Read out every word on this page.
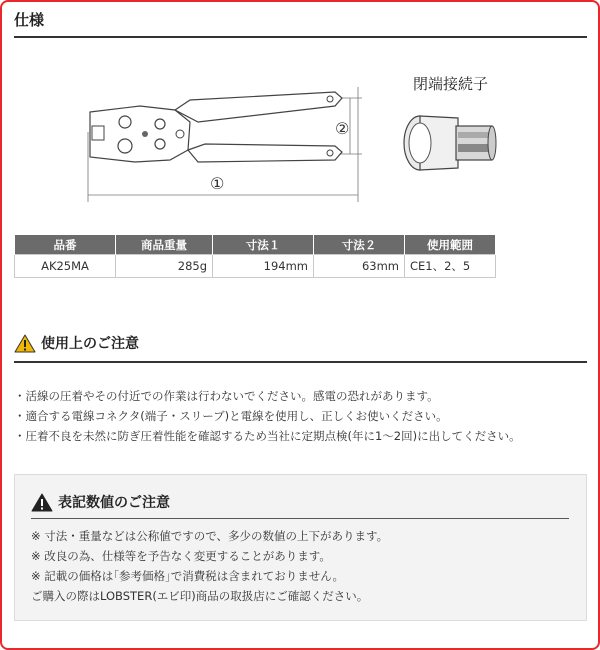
仕様
①
②
閉端接続子
品番	商品重量	寸法１	寸法２	使用範囲
AK25MA	285g	194mm	63mm	CE1、2、5
使用上のご注意
・活線の圧着やその付近での作業は行わないでください。感電の恐れがあります。
・適合する電線コネクタ(端子・スリーブ)と電線を使用し、正しくお使いください。
・圧着不良を未然に防ぎ圧着性能を確認するため当社に定期点検(年に1～2回)に出してください。
表記数値のご注意
※ 寸法・重量などは公称値ですので、多少の数値の上下があります。
※ 改良の為、仕様等を予告なく変更することがあります。
※ 記載の価格は｢参考価格｣で消費税は含まれておりません。
ご購入の際はLOBSTER(エビ印)商品の取扱店にご確認ください。
